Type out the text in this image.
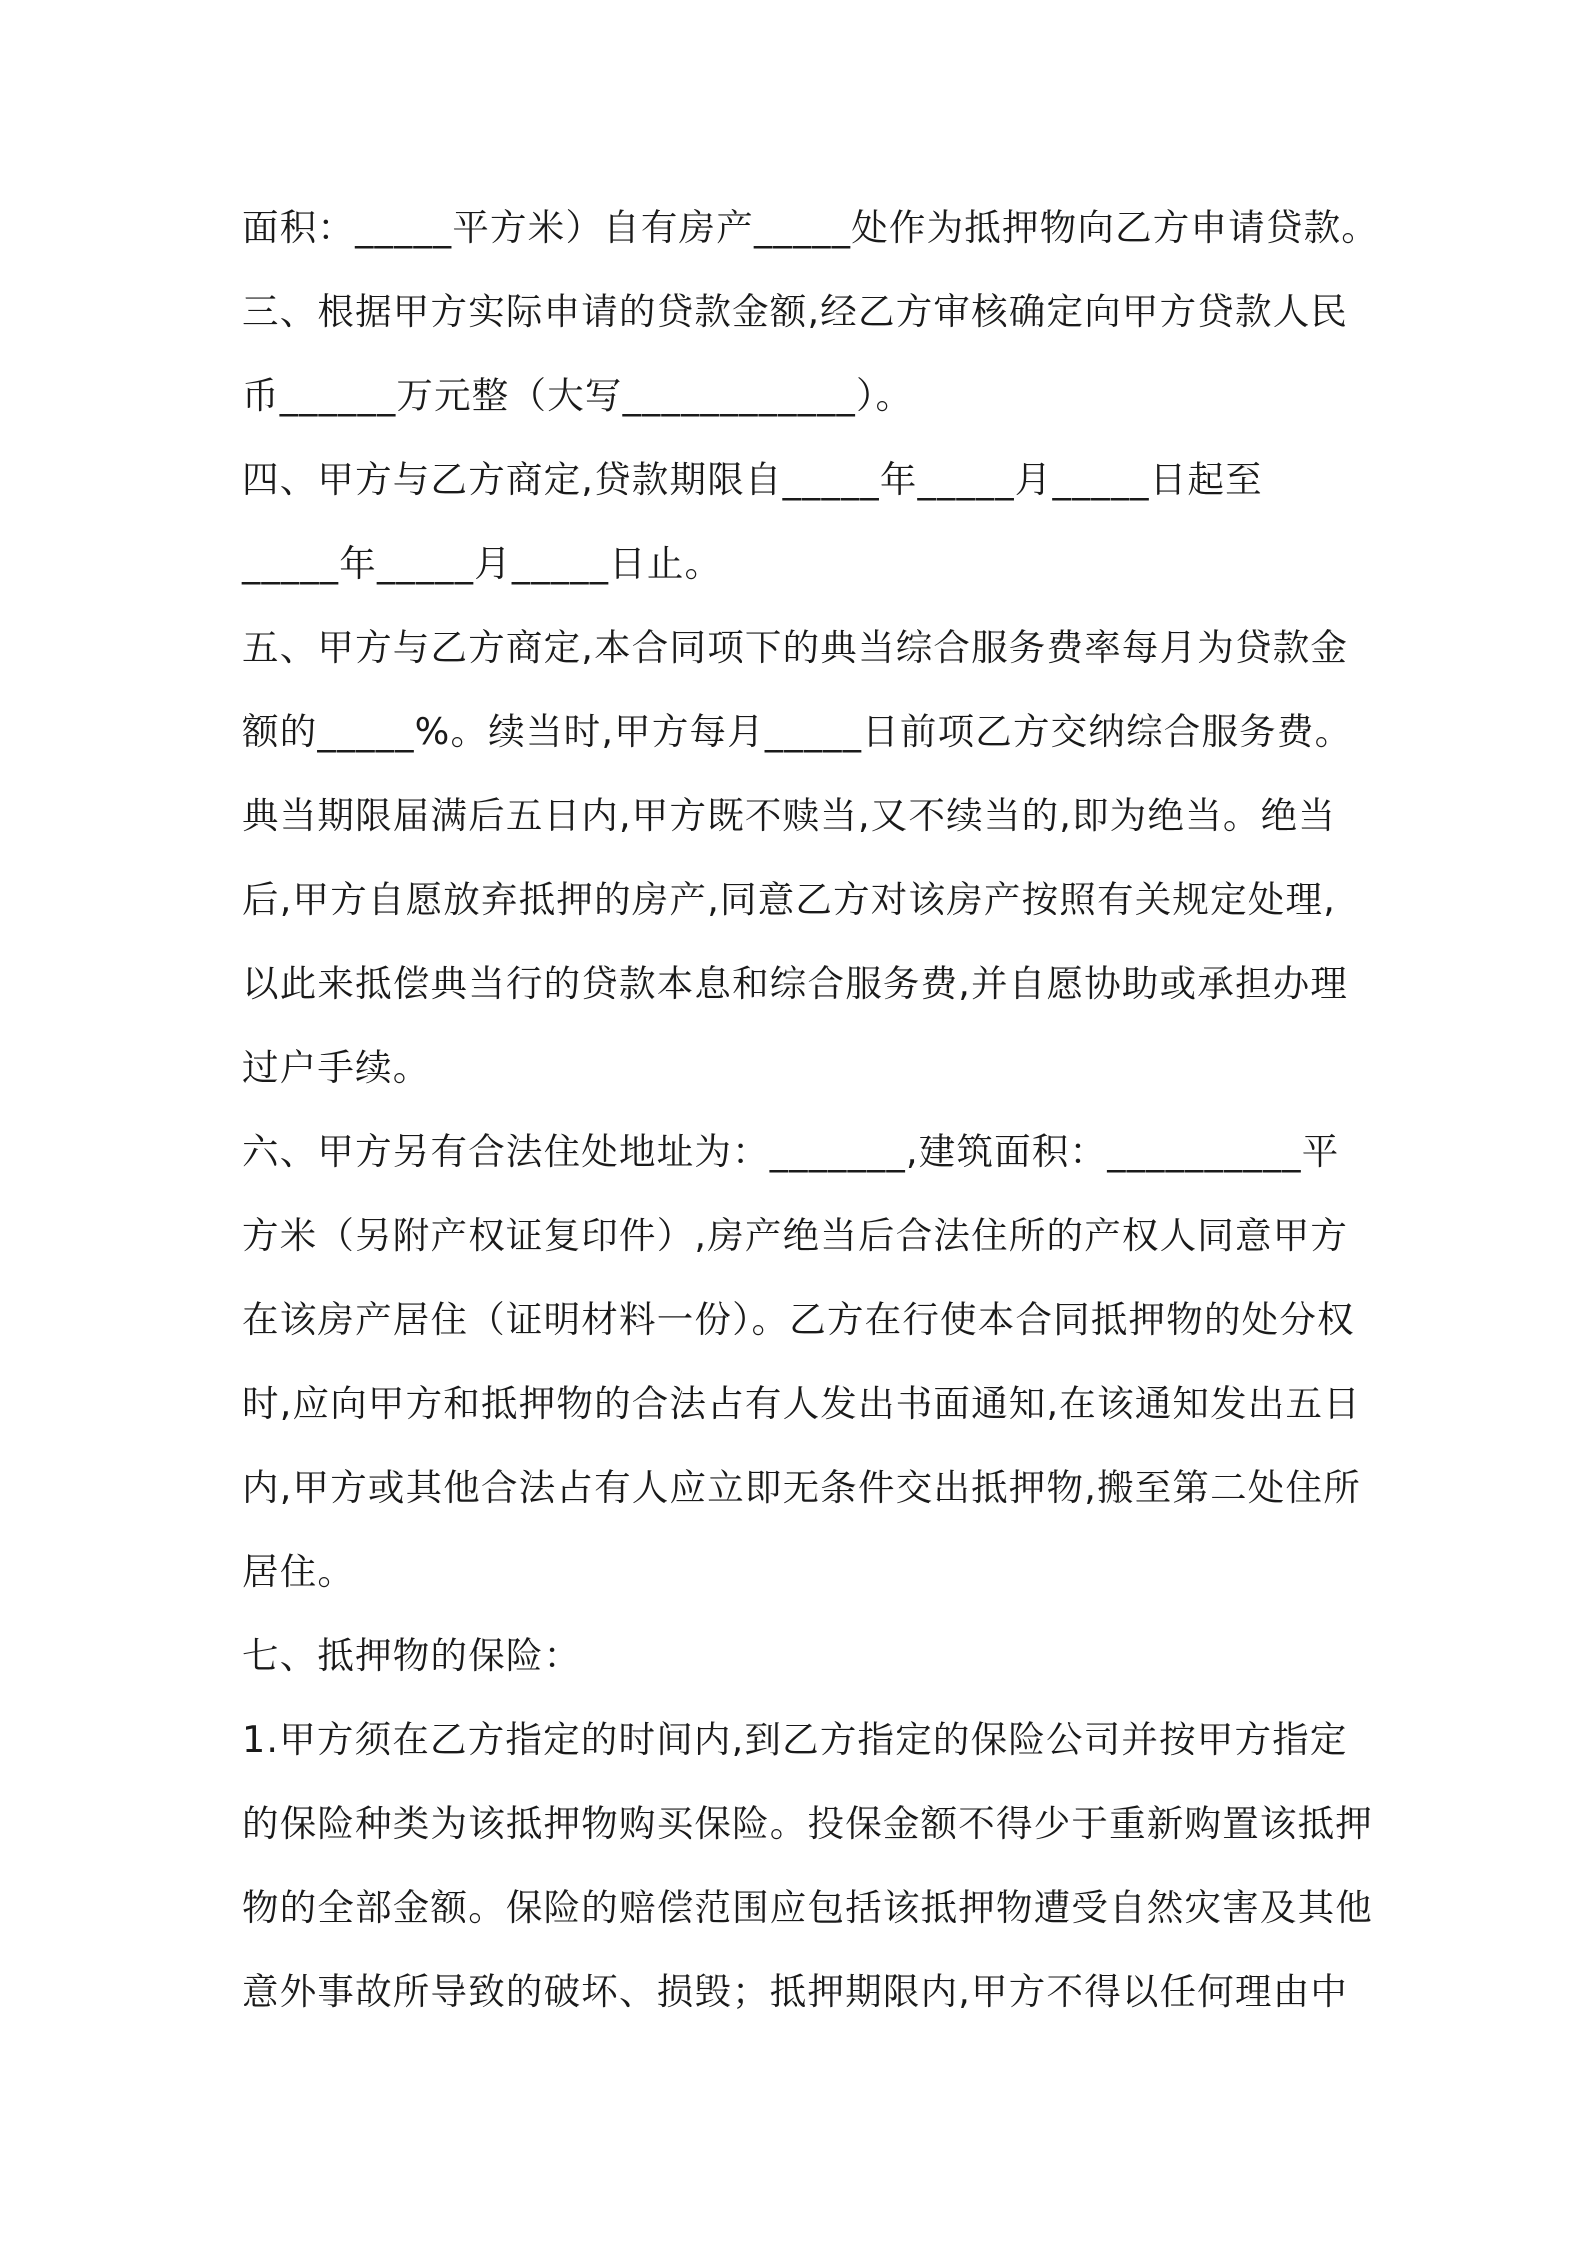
面积：_____平方米）自有房产_____处作为抵押物向乙方申请贷款。
三、根据甲方实际申请的贷款金额,经乙方审核确定向甲方贷款人民
币______万元整（大写____________）。
四、甲方与乙方商定,贷款期限自_____年_____月_____日起至
_____年_____月_____日止。
五、甲方与乙方商定,本合同项下的典当综合服务费率每月为贷款金
额的_____%。续当时,甲方每月_____日前项乙方交纳综合服务费。
典当期限届满后五日内,甲方既不赎当,又不续当的,即为绝当。绝当
后,甲方自愿放弃抵押的房产,同意乙方对该房产按照有关规定处理,
以此来抵偿典当行的贷款本息和综合服务费,并自愿协助或承担办理
过户手续。
六、甲方另有合法住处地址为：_______,建筑面积：__________平
方米（另附产权证复印件）,房产绝当后合法住所的产权人同意甲方
在该房产居住（证明材料一份）。乙方在行使本合同抵押物的处分权
时,应向甲方和抵押物的合法占有人发出书面通知,在该通知发出五日
内,甲方或其他合法占有人应立即无条件交出抵押物,搬至第二处住所
居住。
七、抵押物的保险：
1.甲方须在乙方指定的时间内,到乙方指定的保险公司并按甲方指定
的保险种类为该抵押物购买保险。投保金额不得少于重新购置该抵押
物的全部金额。保险的赔偿范围应包括该抵押物遭受自然灾害及其他
意外事故所导致的破坏、损毁；抵押期限内,甲方不得以任何理由中
